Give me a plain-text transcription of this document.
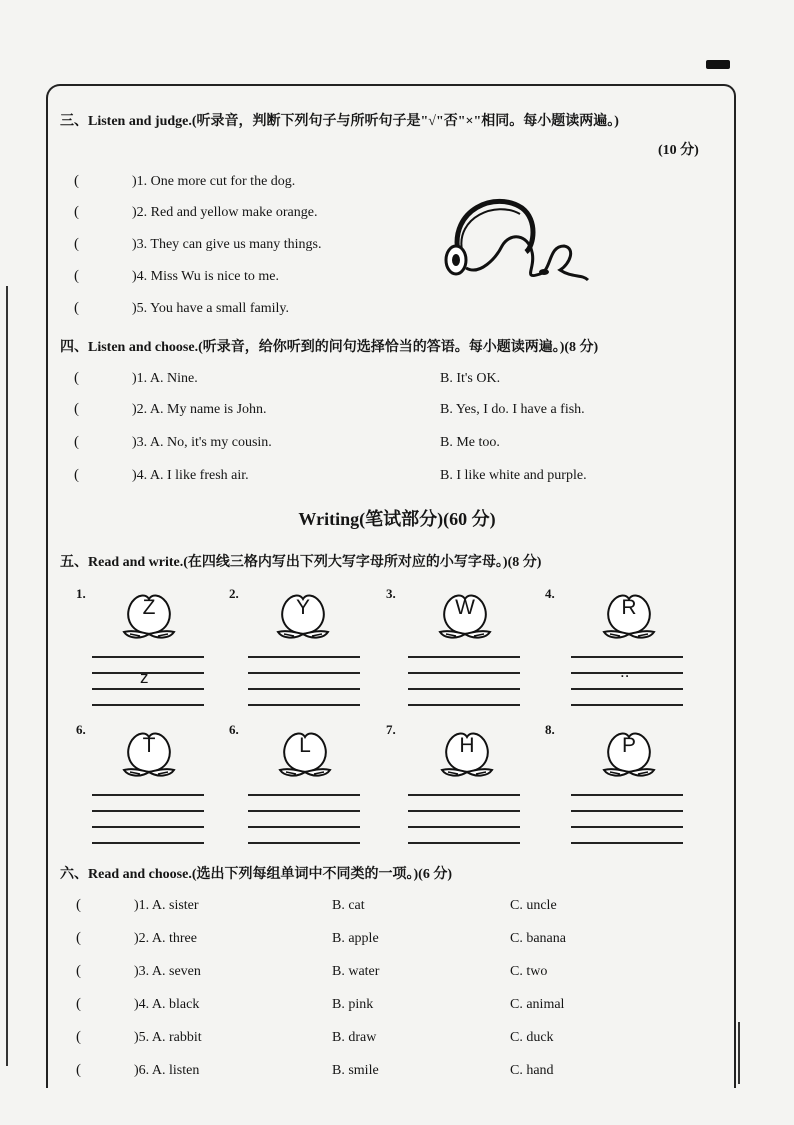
三、Listen and judge.(听录音，判断下列句子与所听句子是"√"否"×"相同。每小题读两遍。)
(10 分)
(	)1. One more cut for the dog.
(	)2. Red and yellow make orange.
(	)3. They can give us many things.
(	)4. Miss Wu is nice to me.
(	)5. You have a small family.
四、Listen and choose.(听录音，给你听到的问句选择恰当的答语。每小题读两遍。)(8 分)
(	)1. A. Nine.	B. It's OK.
(	)2. A. My name is John.	B. Yes, I do. I have a fish.
(	)3. A. No, it's my cousin.	B. Me too.
(	)4. A. I like fresh air.	B. I like white and purple.
Writing(笔试部分)(60 分)
五、Read and write.(在四线三格内写出下列大写字母所对应的小写字母。)(8 分)
1.
Z
z
2.
Y
3.
W
4.
R
..
6.
T
6.
L
7.
H
8.
P
六、Read and choose.(选出下列每组单词中不同类的一项。)(6 分)
(	)1. A. sister	B. cat	C. uncle
(	)2. A. three	B. apple	C. banana
(	)3. A. seven	B. water	C. two
(	)4. A. black	B. pink	C. animal
(	)5. A. rabbit	B. draw	C. duck
(	)6. A. listen	B. smile	C. hand
